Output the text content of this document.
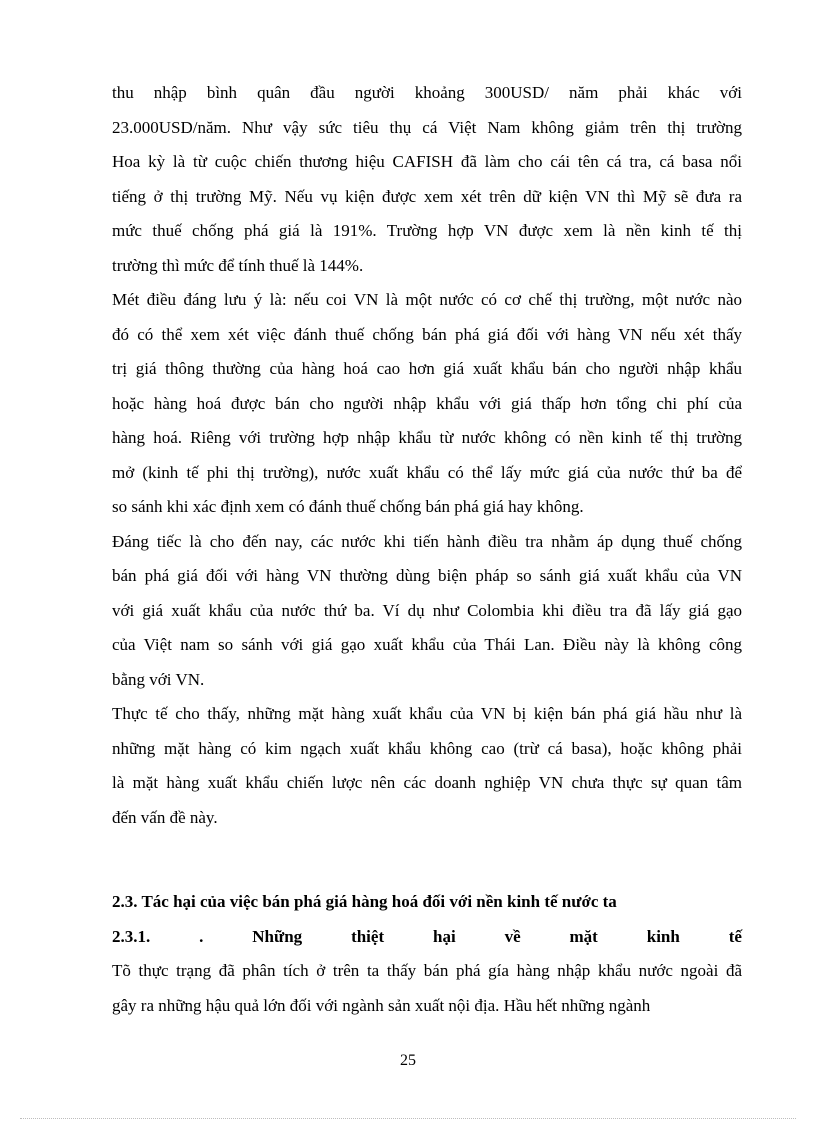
thu nhập bình quân đầu người khoảng 300USD/ năm phải khác với
23.000USD/năm. Như vậy sức tiêu thụ cá Việt Nam không giảm trên thị trường
Hoa kỳ là từ cuộc chiến thương hiệu CAFISH đã làm cho cái tên cá tra, cá basa nổi
tiếng ở thị trường Mỹ. Nếu vụ kiện được xem xét trên dữ kiện VN thì Mỹ sẽ đưa ra
mức thuế chống phá giá là 191%. Trường hợp VN được xem là nền kinh tế thị
trường thì mức để tính thuế là 144%.
Mét điều đáng lưu ý là: nếu coi VN là một nước có cơ chế thị trường, một nước nào
đó có thể xem xét việc đánh thuế chống bán phá giá đối với hàng VN nếu xét thấy
trị giá thông thường của hàng hoá cao hơn giá xuất khẩu bán cho người nhập khẩu
hoặc hàng hoá được bán cho người nhập khẩu với giá thấp hơn tổng chi phí của
hàng hoá. Riêng với trường hợp nhập khẩu từ nước không có nền kinh tế thị trường
mở (kinh tế phi thị trường), nước xuất khẩu có thể lấy mức giá của nước thứ ba để
so sánh khi xác định xem có đánh thuế chống bán phá giá hay không.
Đáng tiếc là cho đến nay, các nước khi tiến hành điều tra nhằm áp dụng thuế chống
bán phá giá đối với hàng VN thường dùng biện pháp so sánh giá xuất khẩu của VN
với giá xuất khẩu của nước thứ ba. Ví dụ như Colombia khi điều tra đã lấy giá gạo
của Việt nam so sánh với giá gạo xuất khẩu của Thái Lan. Điều này là không công
bằng với VN.
Thực tế cho thấy, những mặt hàng xuất khẩu của VN bị kiện bán phá giá hầu như là
những mặt hàng có kim ngạch xuất khẩu không cao (trừ cá basa), hoặc không phải
là mặt hàng xuất khẩu chiến lược nên các doanh nghiệp VN chưa thực sự quan tâm
đến vấn đề này.
2.3. Tác hại của việc bán phá giá hàng hoá đối với nền kinh tế nước ta
2.3.1.	.	Những	thiệt	hại	về	mặt	kinh	tế
Tõ thực trạng đã phân tích ở trên ta thấy bán phá gía hàng nhập khẩu nước ngoài đã
gây ra những hậu quả lớn đối với ngành sản xuất nội địa. Hầu hết những ngành
25
